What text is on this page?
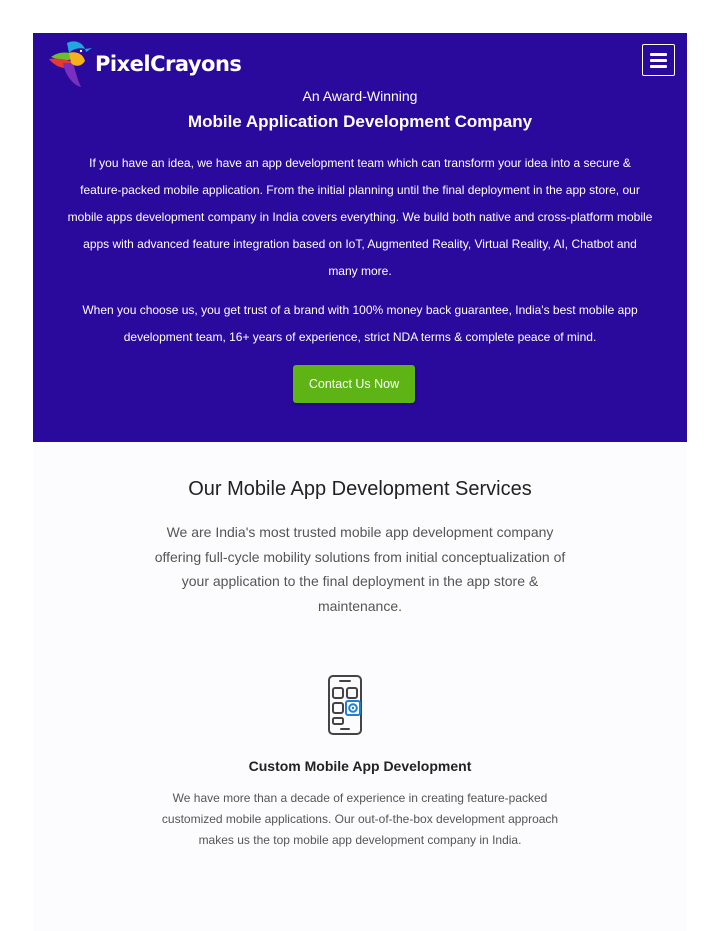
PixelCrayons
An Award-Winning
Mobile Application Development Company

If you have an idea, we have an app development team which can transform your idea into a secure & feature-packed mobile application. From the initial planning until the final deployment in the app store, our mobile apps development company in India covers everything. We build both native and cross-platform mobile apps with advanced feature integration based on IoT, Augmented Reality, Virtual Reality, AI, Chatbot and many more.

When you choose us, you get trust of a brand with 100% money back guarantee, India's best mobile app development team, 16+ years of experience, strict NDA terms & complete peace of mind.

Contact Us Now
Our Mobile App Development Services

We are India's most trusted mobile app development company offering full-cycle mobility solutions from initial conceptualization of your application to the final deployment in the app store & maintenance.

Custom Mobile App Development

We have more than a decade of experience in creating feature-packed customized mobile applications. Our out-of-the-box development approach makes us the top mobile app development company in India.
